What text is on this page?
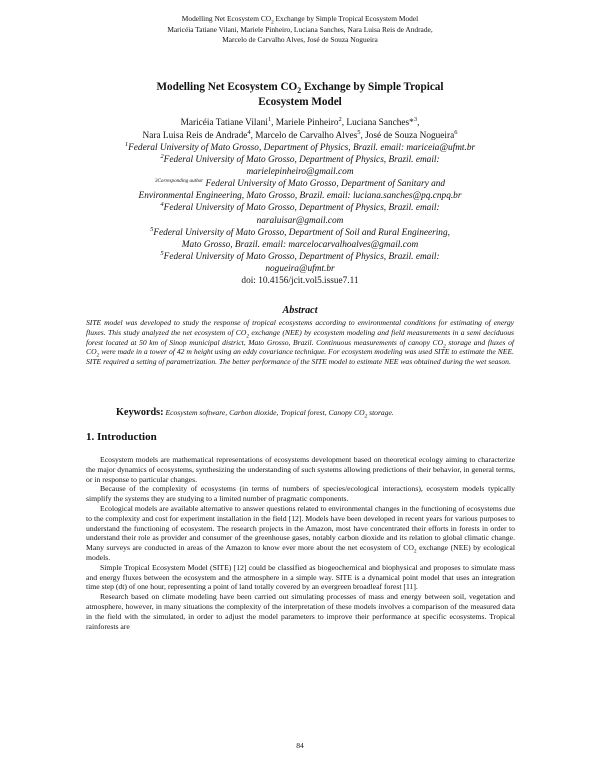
Modelling Net Ecosystem $CO_2$ Exchange by Simple Tropical Ecosystem Model
Maricéia Tatiane Vilani, Mariele Pinheiro, Luciana Sanches, Nara Luisa Reis de Andrade,
Marcelo de Carvalho Alves, José de Souza Nogueira
Modelling Net Ecosystem $CO_2$ Exchange by Simple Tropical
Ecosystem Model
Maricéia Tatiane Vilani$^1$, Mariele Pinheiro$^2$, Luciana Sanches*$^3$,
Nara Luisa Reis de Andrade$^4$, Marcelo de Carvalho Alves$^5$, José de Souza Nogueira$^6$
$^1$Federal University of Mato Grosso, Department of Physics, Brazil. email: mariceia@ufmt.br
$^2$Federal University of Mato Grosso, Department of Physics, Brazil. email:
marielepinheiro@gmail.com
$^{3Corresponding author}$ Federal University of Mato Grosso, Department of Sanitary and
Environmental Engineering, Mato Grosso, Brazil. email: luciana.sanches@pq.cnpq.br
$^4$Federal University of Mato Grosso, Department of Physics, Brazil. email:
naraluisar@gmail.com
$^5$Federal University of Mato Grosso, Department of Soil and Rural Engineering,
Mato Grosso, Brazil. email: marcelocarvalhoalves@gmail.com
$^5$Federal University of Mato Grosso, Department of Physics, Brazil. email:
nogueira@ufmt.br
doi: 10.4156/jcit.vol5.issue7.11
Abstract
SITE model was developed to study the response of tropical ecosystems according to environmental conditions for estimating of energy fluxes. This study analyzed the net ecosystem of $CO_2$ exchange (NEE) by ecosystem modeling and field measurements in a semi deciduous forest located at 50 km of Sinop municipal district, Mato Grosso, Brazil. Continuous measurements of canopy $CO_2$ storage and fluxes of $CO_2$ were made in a tower of 42 m height using an eddy covariance technique. For ecosystem modeling was used SITE to estimate the NEE. SITE required a setting of parametrization. The better performance of the SITE model to estimate NEE was obtained during the wet season.
Keywords: Ecosystem software, Carbon dioxide, Tropical forest, Canopy $CO_2$ storage.
1. Introduction

Ecosystem models are mathematical representations of ecosystems development based on theoretical ecology aiming to characterize the major dynamics of ecosystems, synthesizing the understanding of such systems allowing predictions of their behavior, in general terms, or in response to particular changes.

Because of the complexity of ecosystems (in terms of numbers of species/ecological interactions), ecosystem models typically simplify the systems they are studying to a limited number of pragmatic components.

Ecological models are available alternative to answer questions related to environmental changes in the functioning of ecosystems due to the complexity and cost for experiment installation in the field [12]. Models have been developed in recent years for various purposes to understand the functioning of ecosystem. The research projects in the Amazon, most have concentrated their efforts in forests in order to understand their role as provider and consumer of the greenhouse gases, notably carbon dioxide and its relation to global climatic change. Many surveys are conducted in areas of the Amazon to know ever more about the net ecosystem of $CO_2$ exchange (NEE) by ecological models.

Simple Tropical Ecosystem Model (SITE) [12] could be classified as biogeochemical and biophysical and proposes to simulate mass and energy fluxes between the ecosystem and the atmosphere in a simple way. SITE is a dynamical point model that uses an integration time step (dt) of one hour, representing a point of land totally covered by an evergreen broadleaf forest [11].

Research based on climate modeling have been carried out simulating processes of mass and energy between soil, vegetation and atmosphere, however, in many situations the complexity of the interpretation of these models involves a comparison of the measured data in the field with the simulated, in order to adjust the model parameters to improve their performance at specific ecosystems. Tropical rainforests are

84
